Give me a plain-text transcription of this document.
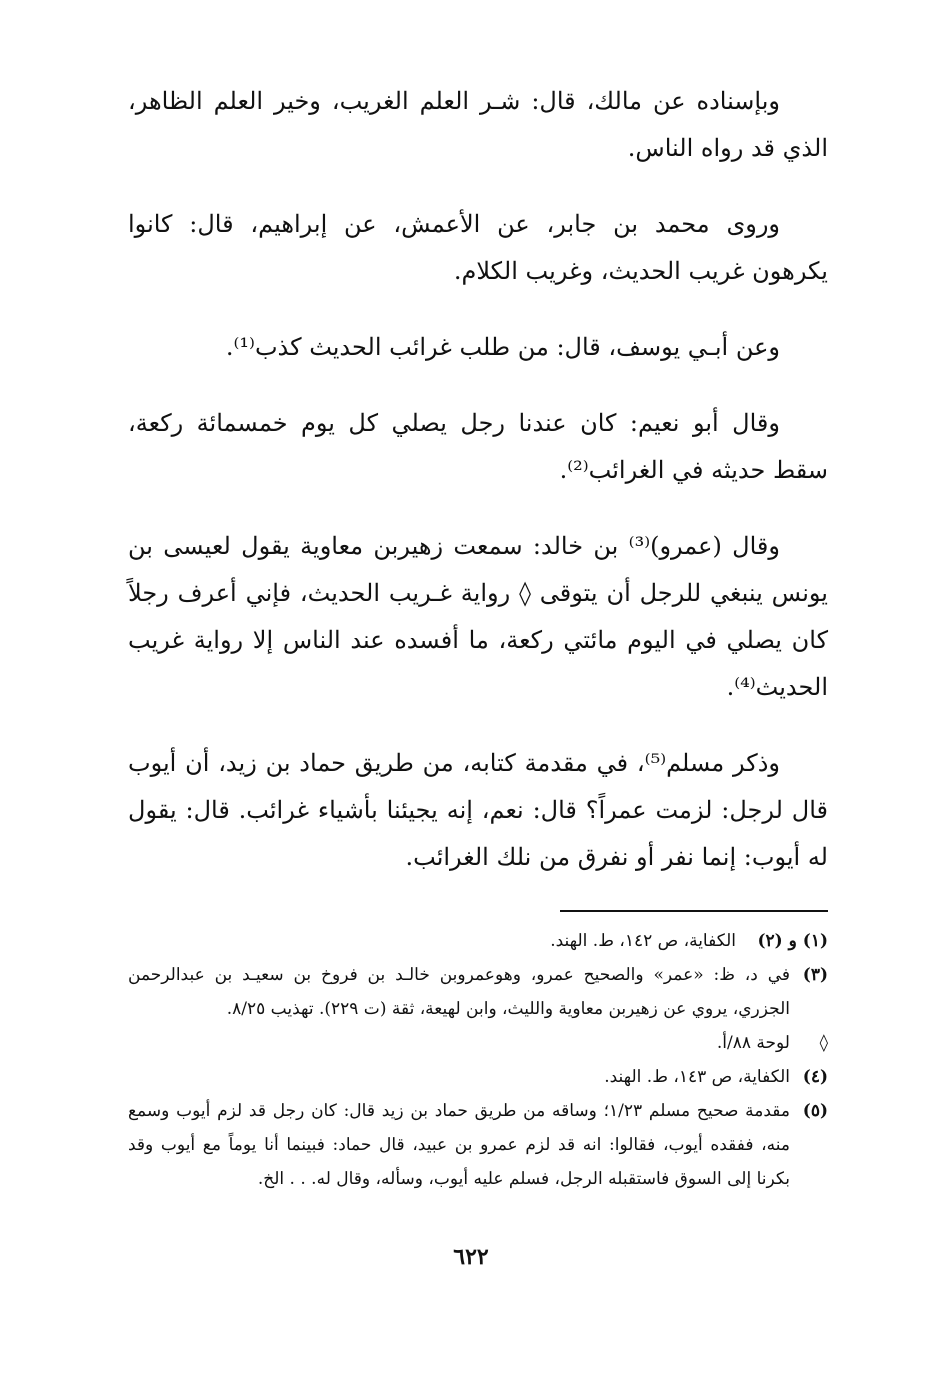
وبإسناده عن مالك، قال: شـر العلم الغريب، وخير العلم الظاهر، الذي قد رواه الناس.

وروى محمد بن جابر، عن الأعمش، عن إبراهيم، قال: كانوا يكرهون غريب الحديث، وغريب الكلام.

وعن أبـي يوسف، قال: من طلب غرائب الحديث كذب⁽¹⁾.

وقال أبو نعيم: كان عندنا رجل يصلي كل يوم خمسمائة ركعة، سقط حديثه في الغرائب⁽²⁾.

وقال (عمرو)⁽³⁾ بن خالد: سمعت زهيربن معاوية يقول لعيسى بن يونس ينبغي للرجل أن يتوقى ◊ رواية غـريب الحديث، فإني أعرف رجلاً كان يصلي في اليوم مائتي ركعة، ما أفسده عند الناس إلا رواية غريب الحديث⁽⁴⁾.

وذكر مسلم⁽⁵⁾، في مقدمة كتابه، من طريق حماد بن زيد، أن أيوب قال لرجل: لزمت عمراً؟ قال: نعم، إنه يجيئنا بأشياء غرائب. قال: يقول له أيوب: إنما نفر أو نفرق من نلك الغرائب.

(١) و (٢)
الكفاية، ص ١٤٢، ط. الهند.
(٣)
في د، ظ: «عمر» والصحيح عمرو، وهوعمروبن خالـد بن فروخ بن سعيـد بن عبدالرحمن الجزري، يروي عن زهيربن معاوية والليث، وابن لهيعة، ثقة (ت ٢٢٩). تهذيب ٨/٢٥.
◊
لوحة ٨٨/أ.
(٤)
الكفاية، ص ١٤٣، ط. الهند.
(٥)
مقدمة صحيح مسلم ١/٢٣؛ وساقه من طريق حماد بن زيد قال: كان رجل قد لزم أيوب وسمع منه، ففقده أيوب، فقالوا: انه قد لزم عمرو بن عبيد، قال حماد: فبينما أنا يوماً مع أيوب وقد بكرنا إلى السوق فاستقبله الرجل، فسلم عليه أيوب، وسأله، وقال له. . . الخ.
٦٢٢
